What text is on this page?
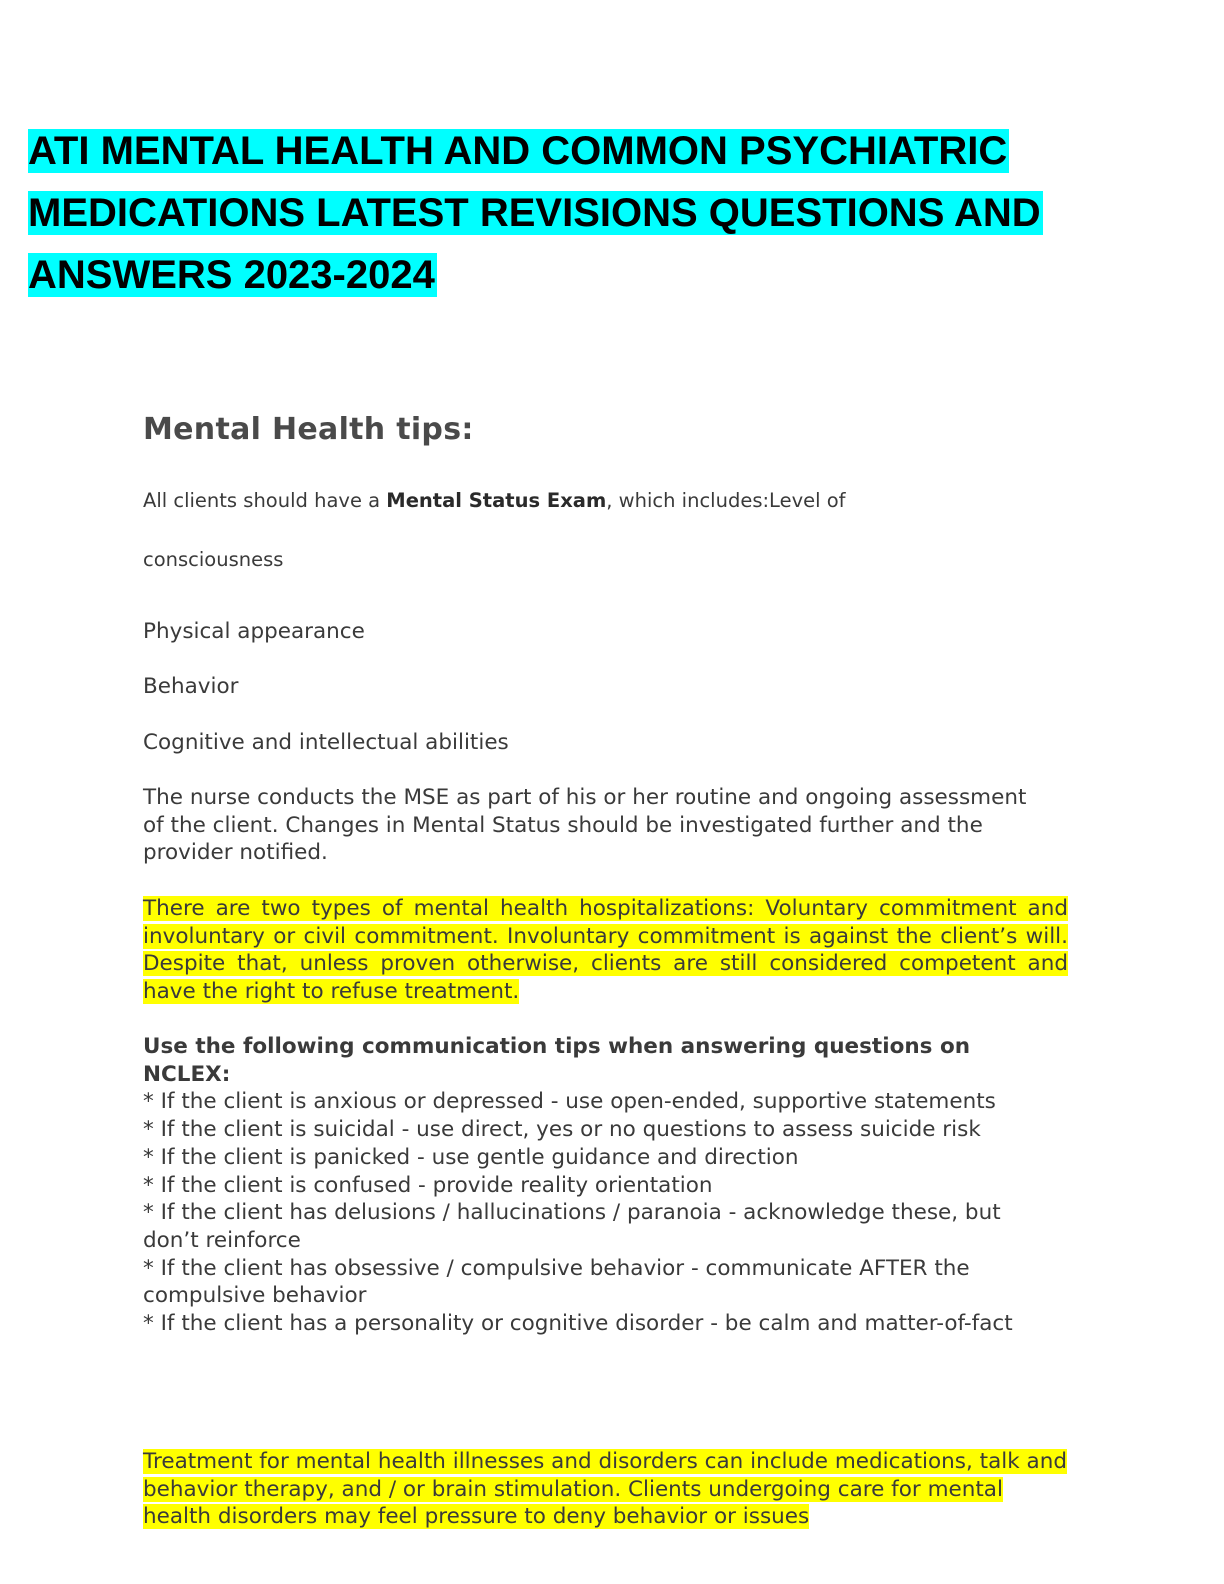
ATI MENTAL HEALTH AND COMMON PSYCHIATRIC
MEDICATIONS LATEST REVISIONS QUESTIONS AND
ANSWERS 2023-2024
Mental Health tips:
All clients should have a Mental Status Exam, which includes:Level of
consciousness
Physical appearance
Behavior
Cognitive and intellectual abilities
The nurse conducts the MSE as part of his or her routine and ongoing assessment of the client. Changes in Mental Status should be investigated further and the provider notified.
There are two types of mental health hospitalizations: Voluntary commitment and involuntary or civil commitment. Involuntary commitment is against the client’s will. Despite that, unless proven otherwise, clients are still considered competent and have the right to refuse treatment.
Use the following communication tips when answering questions on NCLEX:
* If the client is anxious or depressed - use open-ended, supportive statements
* If the client is suicidal - use direct, yes or no questions to assess suicide risk
* If the client is panicked - use gentle guidance and direction
* If the client is confused - provide reality orientation
* If the client has delusions / hallucinations / paranoia - acknowledge these, but don’t reinforce
* If the client has obsessive / compulsive behavior - communicate AFTER the compulsive behavior
* If the client has a personality or cognitive disorder - be calm and matter-of-fact
Treatment for mental health illnesses and disorders can include medications, talk and behavior therapy, and / or brain stimulation. Clients undergoing care for mental health disorders may feel pressure to deny behavior or issues
